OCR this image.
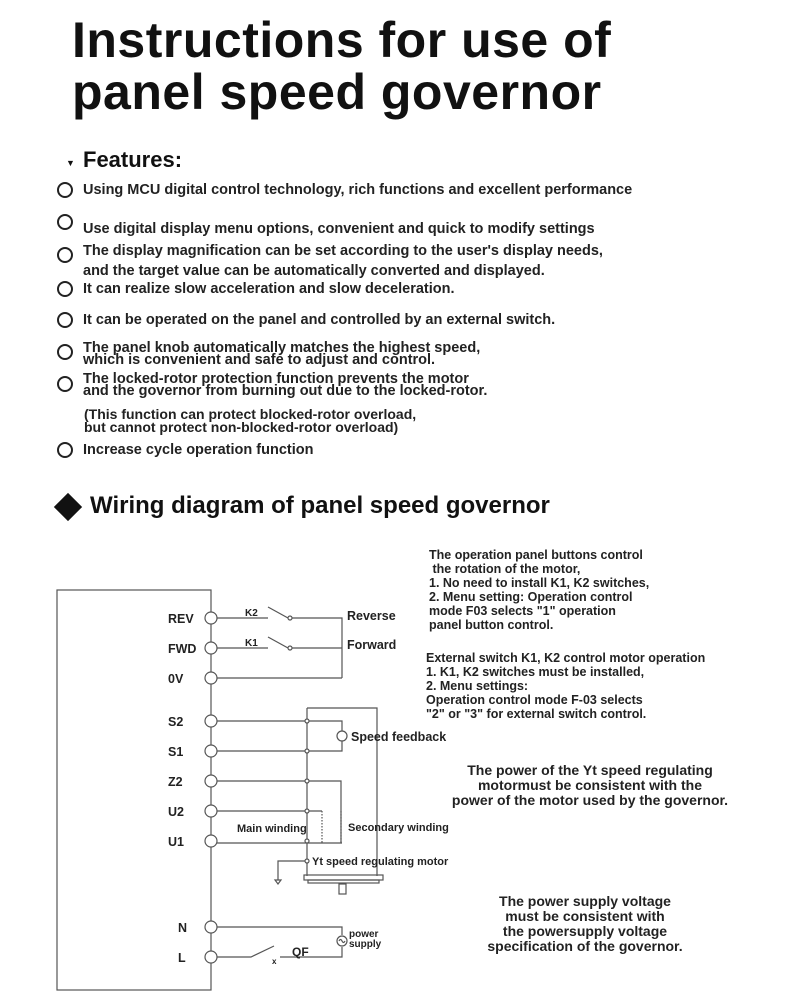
Instructions for use of
panel speed governor
▼ Features:
Using MCU digital control technology, rich functions and excellent performance
Use digital display menu options, convenient and quick to modify settings
The display magnification can be set according to the user's display needs,
and the target value can be automatically converted and displayed.
It can realize slow acceleration and slow deceleration.
It can be operated on the panel and controlled by an external switch.
The panel knob automatically matches the highest speed,
which is convenient and safe to adjust and control.
The locked-rotor protection function prevents the motor
and the governor from burning out due to the locked-rotor.
(This function can protect blocked-rotor overload,
but cannot protect non-blocked-rotor overload)
Increase cycle operation function
Wiring diagram of panel speed governor
The operation panel buttons control
the rotation of the motor,
1. No need to install K1, K2 switches,
2. Menu setting: Operation control
mode F03 selects "1" operation
panel button control.
External switch K1, K2 control motor operation
1. K1, K2 switches must be installed,
2. Menu settings:
Operation control mode F-03 selects
"2" or "3" for external switch control.
The power of the Yt speed regulating
motormust be consistent with the
power of the motor used by the governor.
The power supply voltage
must be consistent with
the powersupply voltage
specification of the governor.
REV
FWD
0V
S2
S1
Z2
U2
U1
N
L
K2
K1
Reverse
Forward
Speed feedback
Main winding	Secondary winding
Yt speed regulating motor
power
supply
QF
x
